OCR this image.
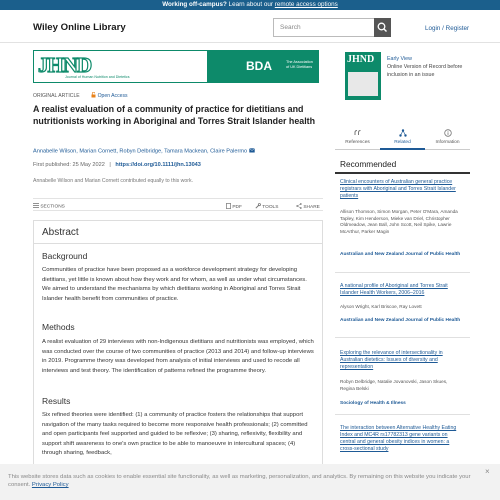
Working off-campus? Learn about our remote access options
Wiley Online Library	Search	Login / Register
JHND
Journal of Human Nutrition and Dietetics
BDA	The Association of UK Dietitians
ORIGINAL ARTICLE	Open Access
A realist evaluation of a community of practice for dietitians and nutritionists working in Aboriginal and Torres Strait Islander health
Annabelle Wilson, Marian Cornett, Robyn Delbridge, Tamara Mackean, Claire Palermo
First published: 25 May 2022 | https://doi.org/10.1111/jhn.13043
Annabelle Wilson and Marian Cornett contributed equally to this work.
SECTIONS	PDF	TOOLS	SHARE
Abstract
Background
Communities of practice have been proposed as a workforce development strategy for developing dietitians, yet little is known about how they work and for whom, as well as under what circumstances. We aimed to understand the mechanisms by which dietitians working in Aboriginal and Torres Strait Islander health benefit from communities of practice.
Methods
A realist evaluation of 29 interviews with non-Indigenous dietitians and nutritionists was employed, which was conducted over the course of two communities of practice (2013 and 2014) and follow-up interviews in 2019. Programme theory was developed from analysis of initial interviews and used to recode all interviews and test theory. The identification of patterns refined the programme theory.
Results
Six refined theories were identified: (1) a community of practice fosters the relationships that support navigation of the many tasks required to become more responsive health professionals; (2) committed and open participants feel supported and guided to be reflexive; (3) sharing, reflexivity, flexibility and support shift awareness to one's own practice to be able to manoeuvre in intercultural spaces; (4) through sharing, feedback,
JHND Early View
Online Version of Record before inclusion in an issue
References	Related	Information
Recommended
Clinical encounters of Australian general practice registrars with Aboriginal and Torres Strait Islander patients
Allison Thomson, Simon Morgan, Peter O'Mara, Amanda Tapley, Kim Henderson, Mieke van Driel, Christopher Oldmeadow, Jean Ball, John Scott, Neil Spike, Lawrie McArthur, Parker Magin
Australian and New Zealand Journal of Public Health
A national profile of Aboriginal and Torres Strait Islander Health Workers, 2006–2016
Alyson Wright, Karl Briscoe, Ray Lovett
Australian and New Zealand Journal of Public Health
Exploring the relevance of intersectionality in Australian dietetics: Issues of diversity and representation
Robyn Delbridge, Natalie Jovanovski, Jason Skues, Regina Belski
Sociology of Health & Illness
The interaction between Alternative Healthy Eating Index and MC4R rs17782313 gene variants on central and general obesity indices in women: a cross-sectional study
This website stores data such as cookies to enable essential site functionality, as well as marketing, personalization, and analytics. By remaining on this website you indicate your consent. Privacy Policy
×
